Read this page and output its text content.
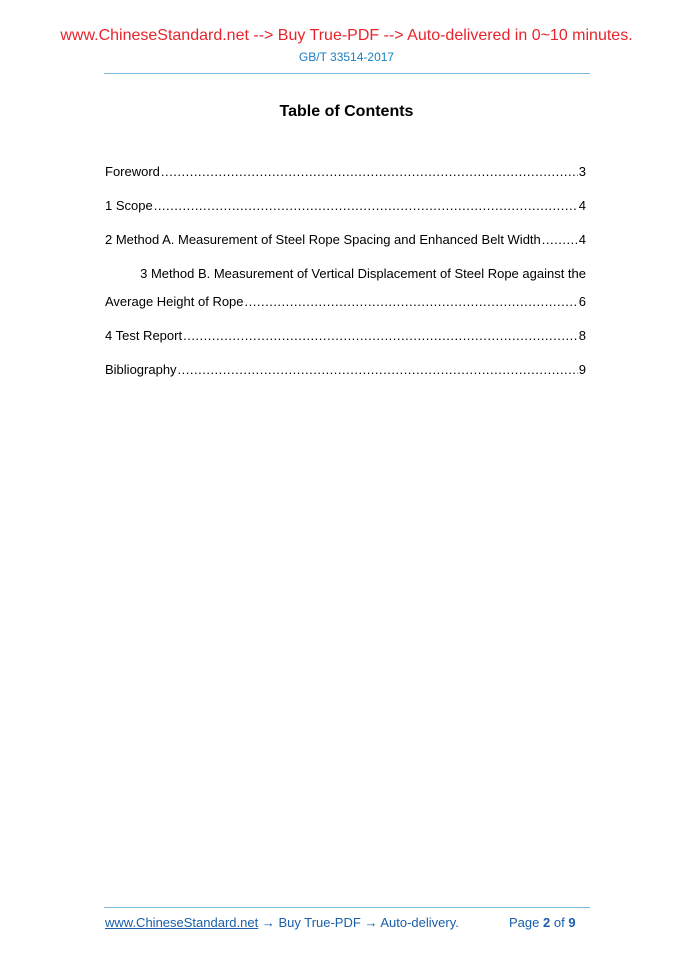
www.ChineseStandard.net --> Buy True-PDF --> Auto-delivered in 0~10 minutes.
GB/T 33514-2017
Table of Contents
Foreword .....	3
1 Scope .....	4
2 Method A. Measurement of Steel Rope Spacing and Enhanced Belt Width .....	4
3 Method B. Measurement of Vertical Displacement of Steel Rope against the
Average Height of Rope .....	6
4 Test Report .....	8
Bibliography .....	9
www.ChineseStandard.net → Buy True-PDF → Auto-delivery.	Page 2 of 9
